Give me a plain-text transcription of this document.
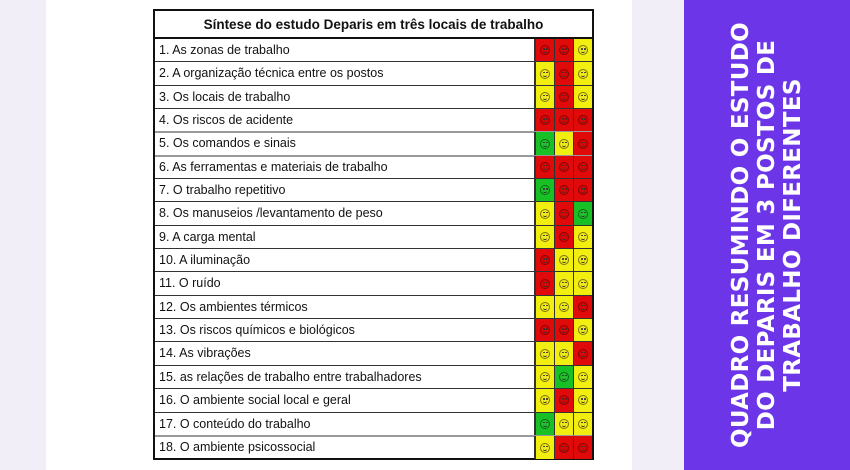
Síntese do estudo Deparis em três locais de trabalho
1. As zonas de trabalho
2. A organização técnica entre os postos
3. Os locais de trabalho
4. Os riscos de acidente
5. Os comandos e sinais
6. As ferramentas e materiais de trabalho
7. O trabalho repetitivo
8. Os manuseios /levantamento de peso
9. A carga mental
10. A iluminação
11. O ruído
12. Os ambientes térmicos
13. Os riscos químicos e biológicos
14. As vibrações
15. as relações de trabalho entre trabalhadores
16. O ambiente social local e geral
17. O conteúdo do trabalho
18. O ambiente psicossocial	QUADRO RESUMINDO O ESTUDO DO DEPARIS EM 3 POSTOS DE TRABALHO DIFERENTES
